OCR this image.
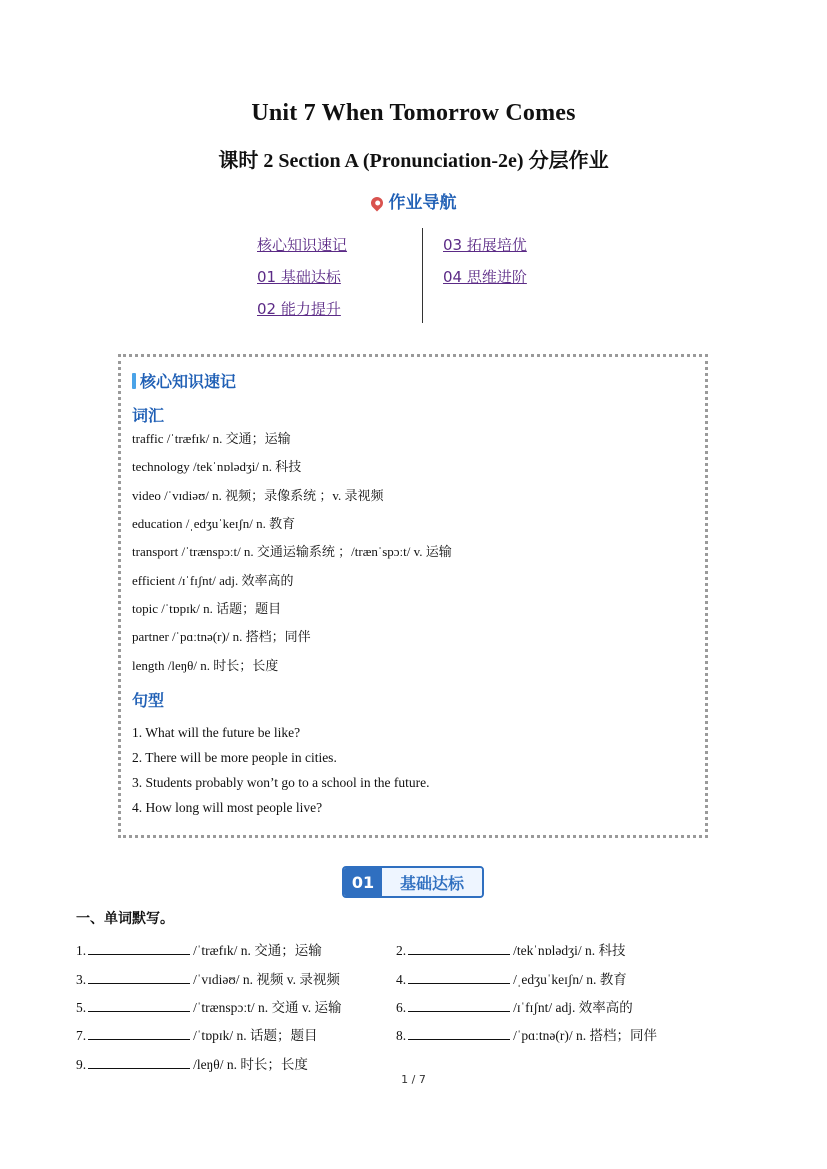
Unit 7 When Tomorrow Comes
课时 2 Section A (Pronunciation-2e) 分层作业
作业导航
核心知识速记
01 基础达标
02 能力提升
03 拓展培优
04 思维进阶
核心知识速记
词汇
traffic /ˈtræfɪk/ n. 交通；运输
technology /tekˈnɒlədʒi/ n. 科技
video /ˈvɪdiəʊ/ n. 视频；录像系统 ；v. 录视频
education /ˌedʒuˈkeɪʃn/ n. 教育
transport /ˈtrænspɔːt/ n. 交通运输系统 ；/trænˈspɔːt/ v. 运输
efficient /ɪˈfɪʃnt/ adj. 效率高的
topic /ˈtɒpɪk/ n. 话题；题目
partner /ˈpɑːtnə(r)/ n. 搭档；同伴
length /leŋθ/ n. 时长；长度
句型
1. What will the future be like?
2. There will be more people in cities.
3. Students probably won’t go to a school in the future.
4. How long will most people live?
01	基础达标
一、单词默写。
1.	/ˈtræfɪk/ n. 交通；运输	2.	/tekˈnɒlədʒi/ n. 科技
3.	/ˈvɪdiəʊ/ n. 视频 v. 录视频	4.	/ˌedʒuˈkeɪʃn/ n. 教育
5.	/ˈtrænspɔːt/ n. 交通 v. 运输	6.	/ɪˈfɪʃnt/ adj. 效率高的
7.	/ˈtɒpɪk/ n. 话题；题目	8.	/ˈpɑːtnə(r)/ n. 搭档；同伴
9.	/leŋθ/ n. 时长；长度
1 / 7
